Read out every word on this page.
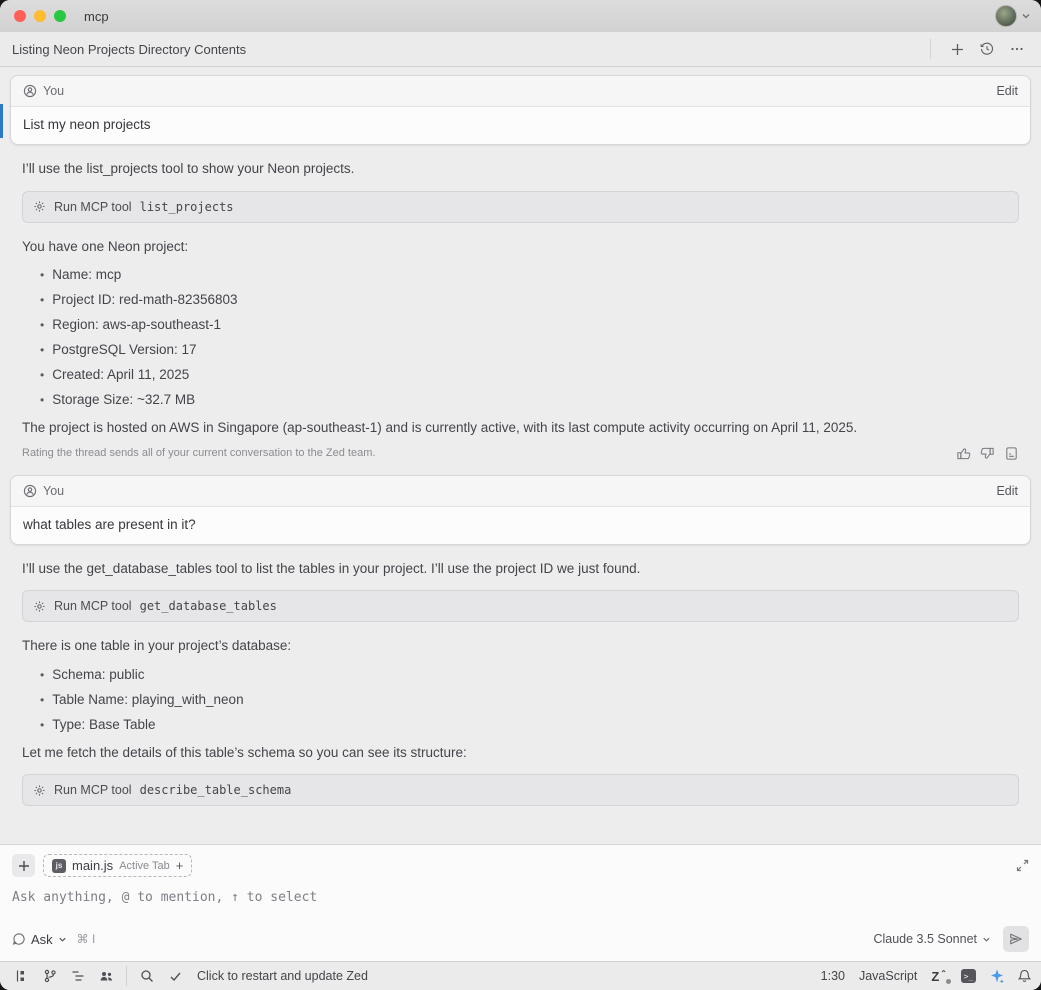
mcp
Listing Neon Projects Directory Contents
You	Edit
List my neon projects
I’ll use the list_projects tool to show your Neon projects.
Run MCP tool list_projects
You have one Neon project:
• Name: mcp
• Project ID: red-math-82356803
• Region: aws-ap-southeast-1
• PostgreSQL Version: 17
• Created: April 11, 2025
• Storage Size: ~32.7 MB
The project is hosted on AWS in Singapore (ap-southeast-1) and is currently active, with its last compute activity occurring on April 11, 2025.
Rating the thread sends all of your current conversation to the Zed team.
You	Edit
what tables are present in it?
I’ll use the get_database_tables tool to list the tables in your project. I’ll use the project ID we just found.
Run MCP tool get_database_tables
There is one table in your project’s database:
• Schema: public
• Table Name: playing_with_neon
• Type: Base Table
Let me fetch the details of this table’s schema so you can see its structure:
Run MCP tool describe_table_schema
js main.js Active Tab +
Ask anything, @ to mention, ↑ to select
Ask ⌘ I	Claude 3.5 Sonnet
Click to restart and update Zed	1:30 JavaScript Z ⌃	>_
